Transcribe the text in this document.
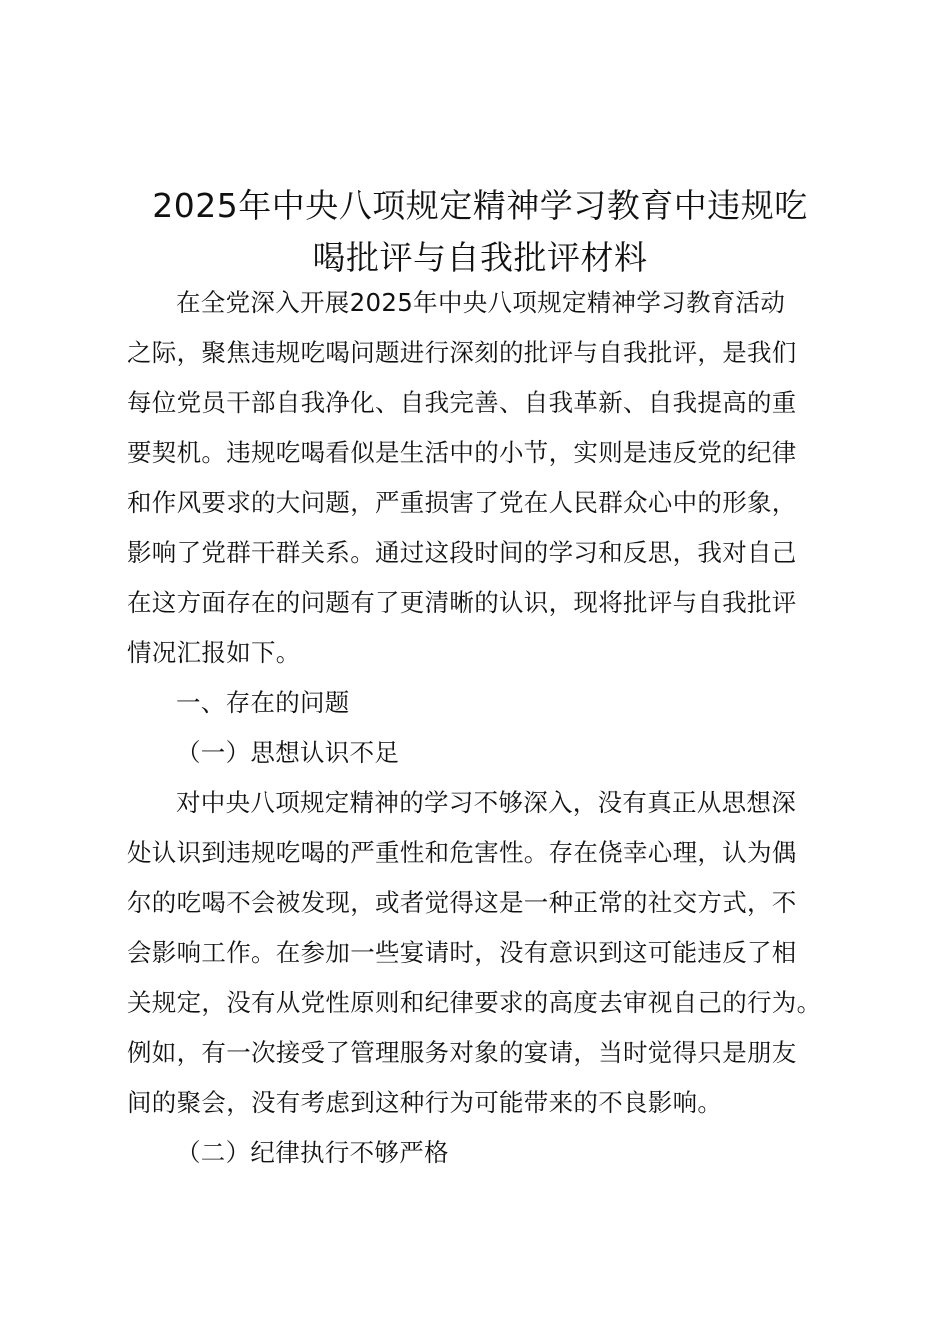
2025年中央八项规定精神学习教育中违规吃
喝批评与自我批评材料
在全党深入开展2025年中央八项规定精神学习教育活动
之际，聚焦违规吃喝问题进行深刻的批评与自我批评，是我们
每位党员干部自我净化、自我完善、自我革新、自我提高的重
要契机。违规吃喝看似是生活中的小节，实则是违反党的纪律
和作风要求的大问题，严重损害了党在人民群众心中的形象，
影响了党群干群关系。通过这段时间的学习和反思，我对自己
在这方面存在的问题有了更清晰的认识，现将批评与自我批评
情况汇报如下。
一、存在的问题
（一）思想认识不足
对中央八项规定精神的学习不够深入，没有真正从思想深
处认识到违规吃喝的严重性和危害性。存在侥幸心理，认为偶
尔的吃喝不会被发现，或者觉得这是一种正常的社交方式，不
会影响工作。在参加一些宴请时，没有意识到这可能违反了相
关规定，没有从党性原则和纪律要求的高度去审视自己的行为。
例如，有一次接受了管理服务对象的宴请，当时觉得只是朋友
间的聚会，没有考虑到这种行为可能带来的不良影响。
（二）纪律执行不够严格
